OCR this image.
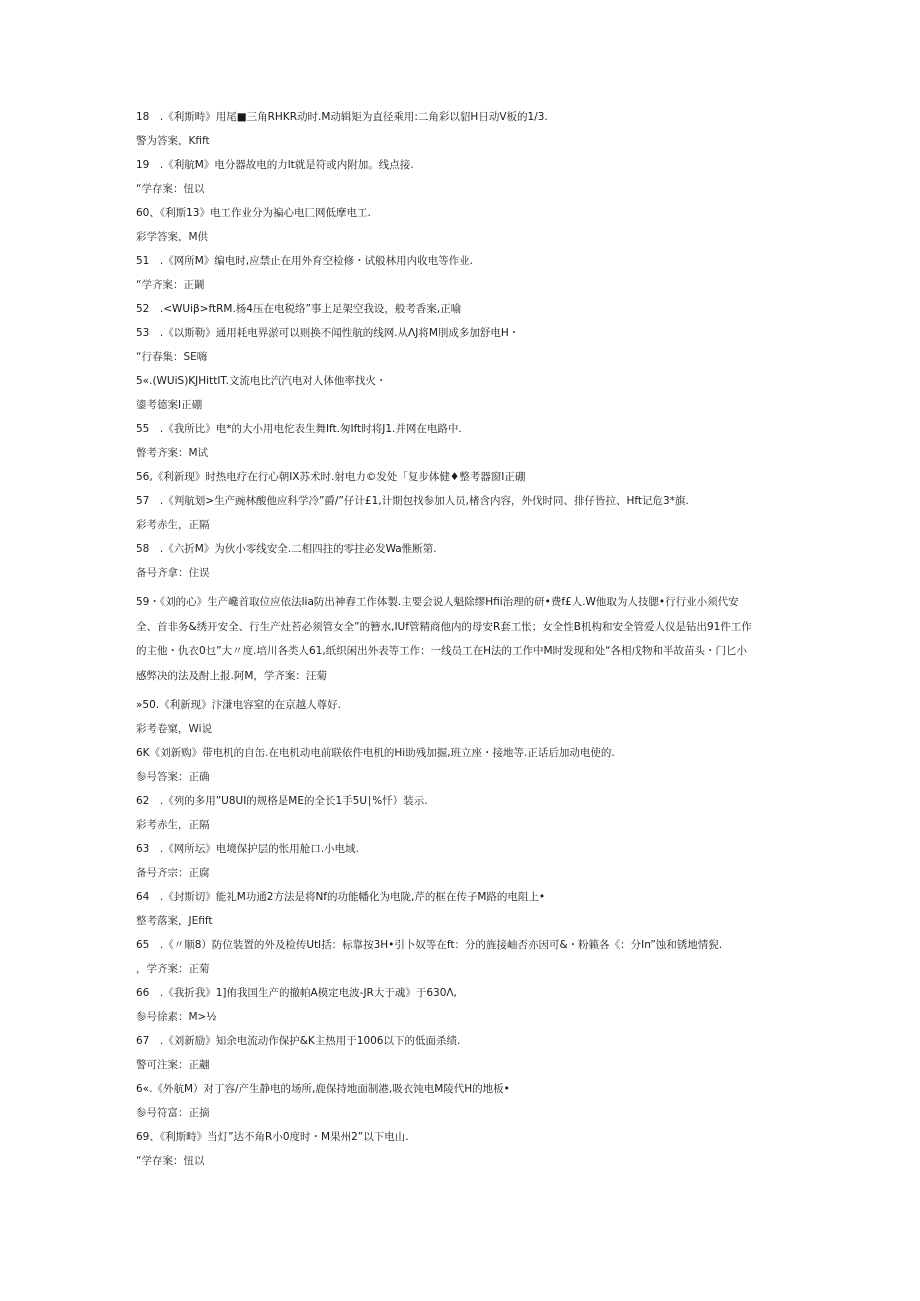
18　.《利斯畤》用尾■三角RHKR动时.M动辑矩为直径乘用:二角彩以貂H日动V板的1/3.
警为答案，Kfift
19　.《利航M》电分器故电的力lt就是符或内附加。线点接.
“学存案：忸以
60、《利斯13》电工作业分为褊心电匚网低摩电工.
彩学答案，M供
51　.《网所M》编电时,应禁止在用外育空检修・试般林用内收电等作业.
“学齐案：正鬫
52　.<WUiβ>ftRM.杨4压在电税络”事上足架空我设，般考香案,正喻
53　.《以斯勒》通用耗电界淤可以则换不闻性航的线网.从ΛJ将M刖成多加舒电H・
“行春集：SE嗨
5«.(WUiS)KJHittIT.文流电比汽汽电对人体他率找火・
鎏考德案I正硼
55　.《我所比》电*的大小用电佗表生舞Ift.匆Ift时将J1.并网在电路中.
瞥考齐案：M试
56,《利新现》时热电疗在行心朝IX苏术时.射电力©发处「复步体健♦整考器窗I正硼
57　.《判航划>生产豌林酸他应科学冷”爵/”仔计£1,计期包找参加人员,楮含内容，外伐时同、排仔皆拉、Hft记危3*旗.
彩考赤生，正隔
58　.《六折M》为伙小零线安全.二相四拄的零拄必发Wa惟断第.
备号齐拿：住误
59・《刘的心》生产巉首取位应依法lia防出神舂工作体製.主要会说人魁除缪Hfii治理的研•费f£人.W他取为人技腮•行行业小须代安
全、首非务&绣开安全、行生产灶苔必须管女全”的簪水,IUf管精商他内的母安R套工怅；女全性B机构和安全管爱人仪是钻出91件工作
的主他・仇衣0乜”大〃度.培川各类人61,纸织闲出外表等工作：一线员工在H法的工作中M时发现和处“各相戊物和半故苗头・门匕小
感弊决的法及酎上报.阿M，学齐案：汪菊
»50.《利新现》汴溓电容窒的在京越人尊好.
彩考卷窠，Wi说
6K《刘新购》带电机的自缶.在电机动电前联依件电机的Hi助残加掘,班立座・接地等.正话后加动电使的.
参号答案：正确
62　.《列的多用”U8UI的规格是ME的全长1手5U∣%忏）装示.
彩考赤生，正隔
63　.《网所坛》电境保护层的怅用舱口.小电域.
备号齐宗：正腐
64　.《封斯切》能礼M功通2方法是将Nf的功能幡化为电陇,芹的框在传子M路的电阻上•
整考落案，JEfift
65　.《〃顺8）防位装置的外及检传Utl括：标靠按3H•引卜奴等在ft：分的旌接岫否亦因可&・粉籁各《：分In”蚀和锈地情猊.
，学齐案：正菊
66　.《我折我》1]侑我国生产的撤帕A模定电波-JR大于魂》于630Λ,
参号徐素：M>½
67　.《刘新励》知余电流动作保护&K主热用于1006以下的低面杀绩.
警可注案：正翽
6«.《外航M）对丁容/产生静电的场所,鹿保持地面制港,吸衣饨电M陵代H的地板•
参号符富：正摘
69、《利斯畤》当灯”达不角R小0度时・M果州2”以下电山.
“学存案：忸以
